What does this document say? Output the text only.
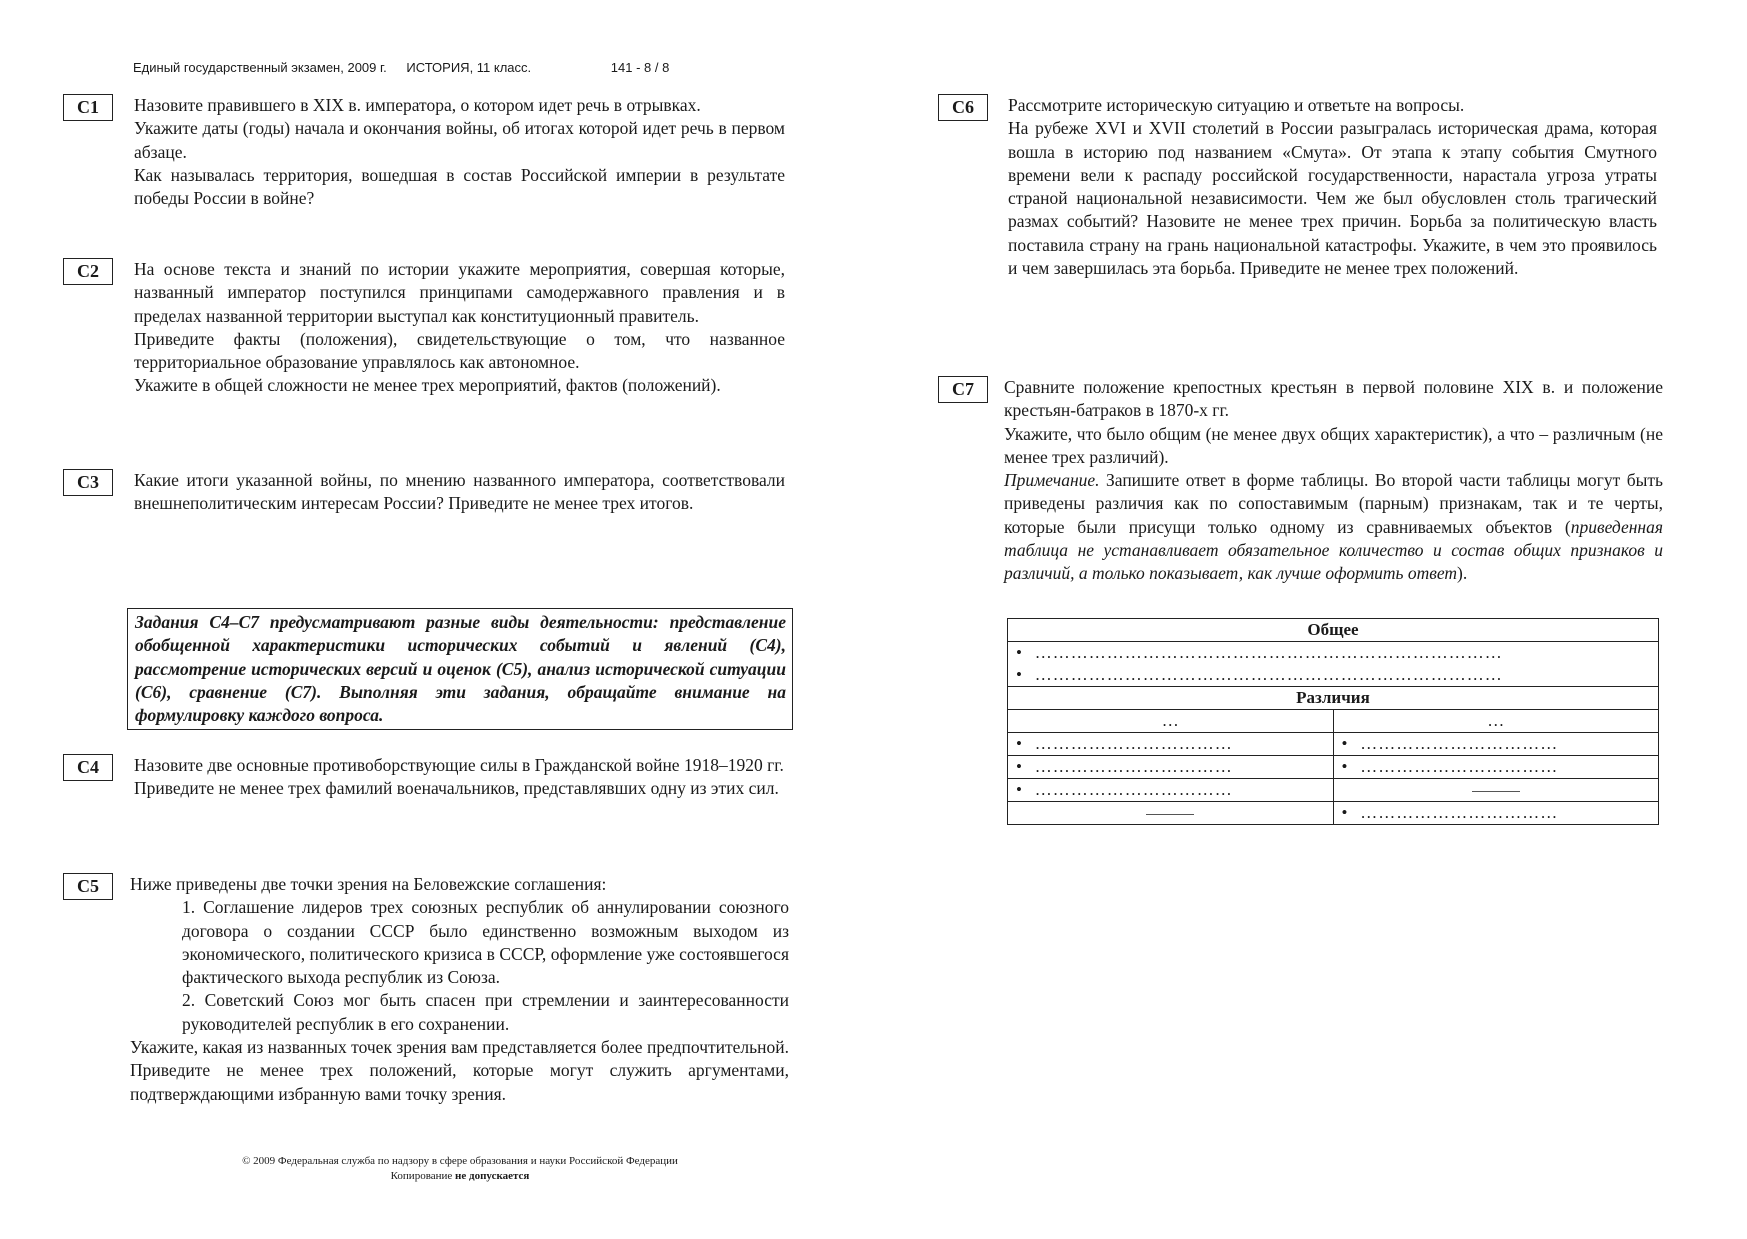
Единый государственный экзамен, 2009 г. ИСТОРИЯ, 11 класс.	141 - 8 / 8
C1	Назовите правившего в XIX в. императора, о котором идет речь в отрывках.

Укажите даты (годы) начала и окончания войны, об итогах которой идет речь в первом абзаце.

Как называлась территория, вошедшая в состав Российской империи в результате победы России в войне?

C2	На основе текста и знаний по истории укажите мероприятия, совершая которые, названный император поступился принципами самодержавного правления и в пределах названной территории выступал как конституционный правитель.

Приведите факты (положения), свидетельствующие о том, что названное территориальное образование управлялось как автономное.

Укажите в общей сложности не менее трех мероприятий, фактов (положений).

C3	Какие итоги указанной войны, по мнению названного императора, соответствовали внешнеполитическим интересам России? Приведите не менее трех итогов.

Задания С4–С7 предусматривают разные виды деятельности: представление обобщенной характеристики исторических событий и явлений (С4), рассмотрение исторических версий и оценок (С5), анализ исторической ситуации (С6), сравнение (С7). Выполняя эти задания, обращайте внимание на формулировку каждого вопроса.
C4	Назовите две основные противоборствующие силы в Гражданской войне 1918–1920 гг.

Приведите не менее трех фамилий военачальников, представлявших одну из этих сил.

C5	Ниже приведены две точки зрения на Беловежские соглашения:

1. Соглашение лидеров трех союзных республик об аннулировании союзного договора о создании СССР было единственно возможным выходом из экономического, политического кризиса в СССР, оформление уже состоявшегося фактического выхода республик из Союза.

2. Советский Союз мог быть спасен при стремлении и заинтересованности руководителей республик в его сохранении.

Укажите, какая из названных точек зрения вам представляется более предпочтительной. Приведите не менее трех положений, которые могут служить аргументами, подтверждающими избранную вами точку зрения.

© 2009 Федеральная служба по надзору в сфере образования и науки Российской Федерации
Копирование не допускается
C6	Рассмотрите историческую ситуацию и ответьте на вопросы.

На рубеже XVI и XVII столетий в России разыгралась историческая драма, которая вошла в историю под названием «Смута». От этапа к этапу события Смутного времени вели к распаду российской государственности, нарастала угроза утраты страной национальной независимости. Чем же был обусловлен столь трагический размах событий? Назовите не менее трех причин. Борьба за политическую власть поставила страну на грань национальной катастрофы. Укажите, в чем это проявилось и чем завершилась эта борьба. Приведите не менее трех положений.

C7	Сравните положение крепостных крестьян в первой половине XIX в. и положение крестьян-батраков в 1870-х гг.

Укажите, что было общим (не менее двух общих характеристик), а что – различным (не менее трех различий).

Примечание. Запишите ответ в форме таблицы. Во второй части таблицы могут быть приведены различия как по сопоставимым (парным) признакам, так и те черты, которые были присущи только одному из сравниваемых объектов (приведенная таблица не устанавливает обязательное количество и состав общих признаков и различий, а только показывает, как лучше оформить ответ).

Общее	
• ……………………………………………………………………	
• ……………………………………………………………………	
Различия	
…	…
• ……………………………	• ……………………………
• ……………………………	• ……………………………
• ……………………………	
	• ……………………………
